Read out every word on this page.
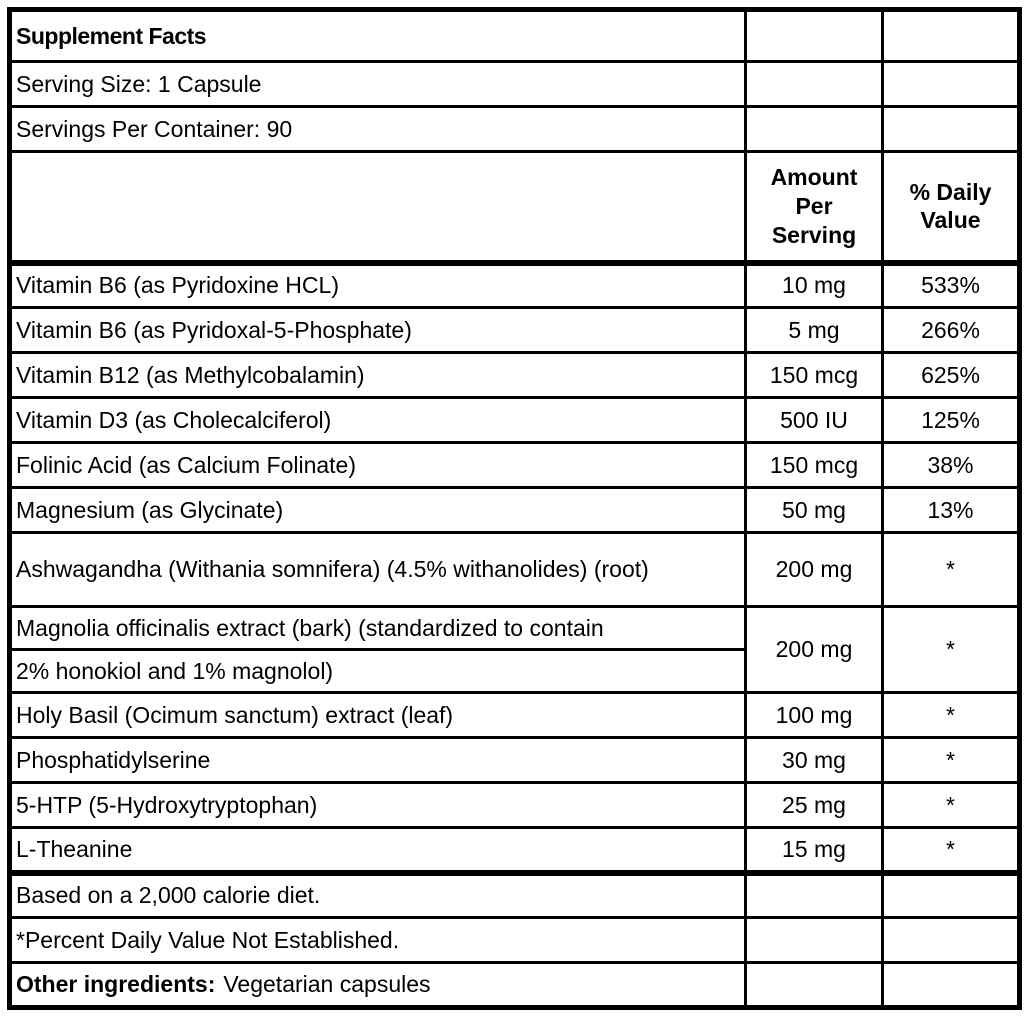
Supplement Facts		
Serving Size: 1 Capsule		
Servings Per Container: 90		
	Amount Per Serving	% Daily Value
Vitamin B6 (as Pyridoxine HCL)	10 mg	533%
Vitamin B6 (as Pyridoxal-5-Phosphate)	5 mg	266%
Vitamin B12 (as Methylcobalamin)	150 mcg	625%
Vitamin D3 (as Cholecalciferol)	500 IU	125%
Folinic Acid (as Calcium Folinate)	150 mcg	38%
Magnesium (as Glycinate)	50 mg	13%
Ashwagandha (Withania somnifera) (4.5% withanolides) (root)	200 mg	*
Magnolia officinalis extract (bark) (standardized to contain	200 mg	*
2% honokiol and 1% magnolol)		
Holy Basil (Ocimum sanctum) extract (leaf)	100 mg	*
Phosphatidylserine	30 mg	*
5-HTP (5-Hydroxytryptophan)	25 mg	*
L-Theanine	15 mg	*
Based on a 2,000 calorie diet.		
*Percent Daily Value Not Established.		
Other ingredients: Vegetarian capsules		
